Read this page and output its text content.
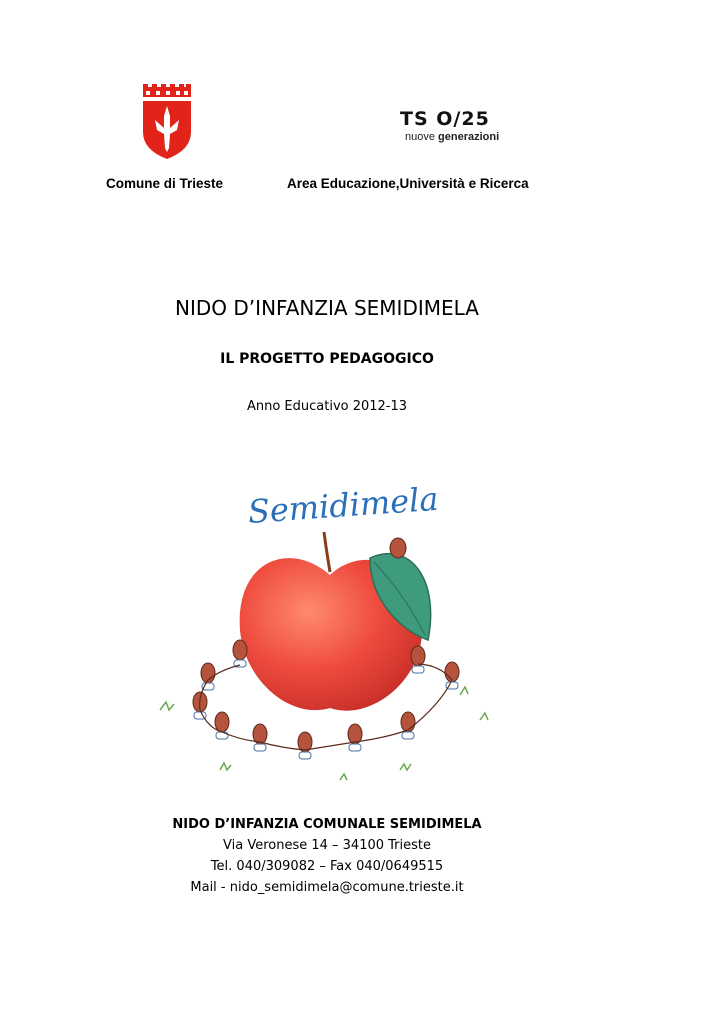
TS O/25
nuove generazioni
Comune di Trieste	Area Educazione,Università e Ricerca
NIDO D’INFANZIA SEMIDIMELA
IL PROGETTO PEDAGOGICO
Anno Educativo 2012-13
Semidimela
NIDO D’INFANZIA COMUNALE SEMIDIMELA
Via Veronese 14 – 34100 Trieste
Tel. 040/309082 – Fax 040/0649515
Mail - nido_semidimela@comune.trieste.it
